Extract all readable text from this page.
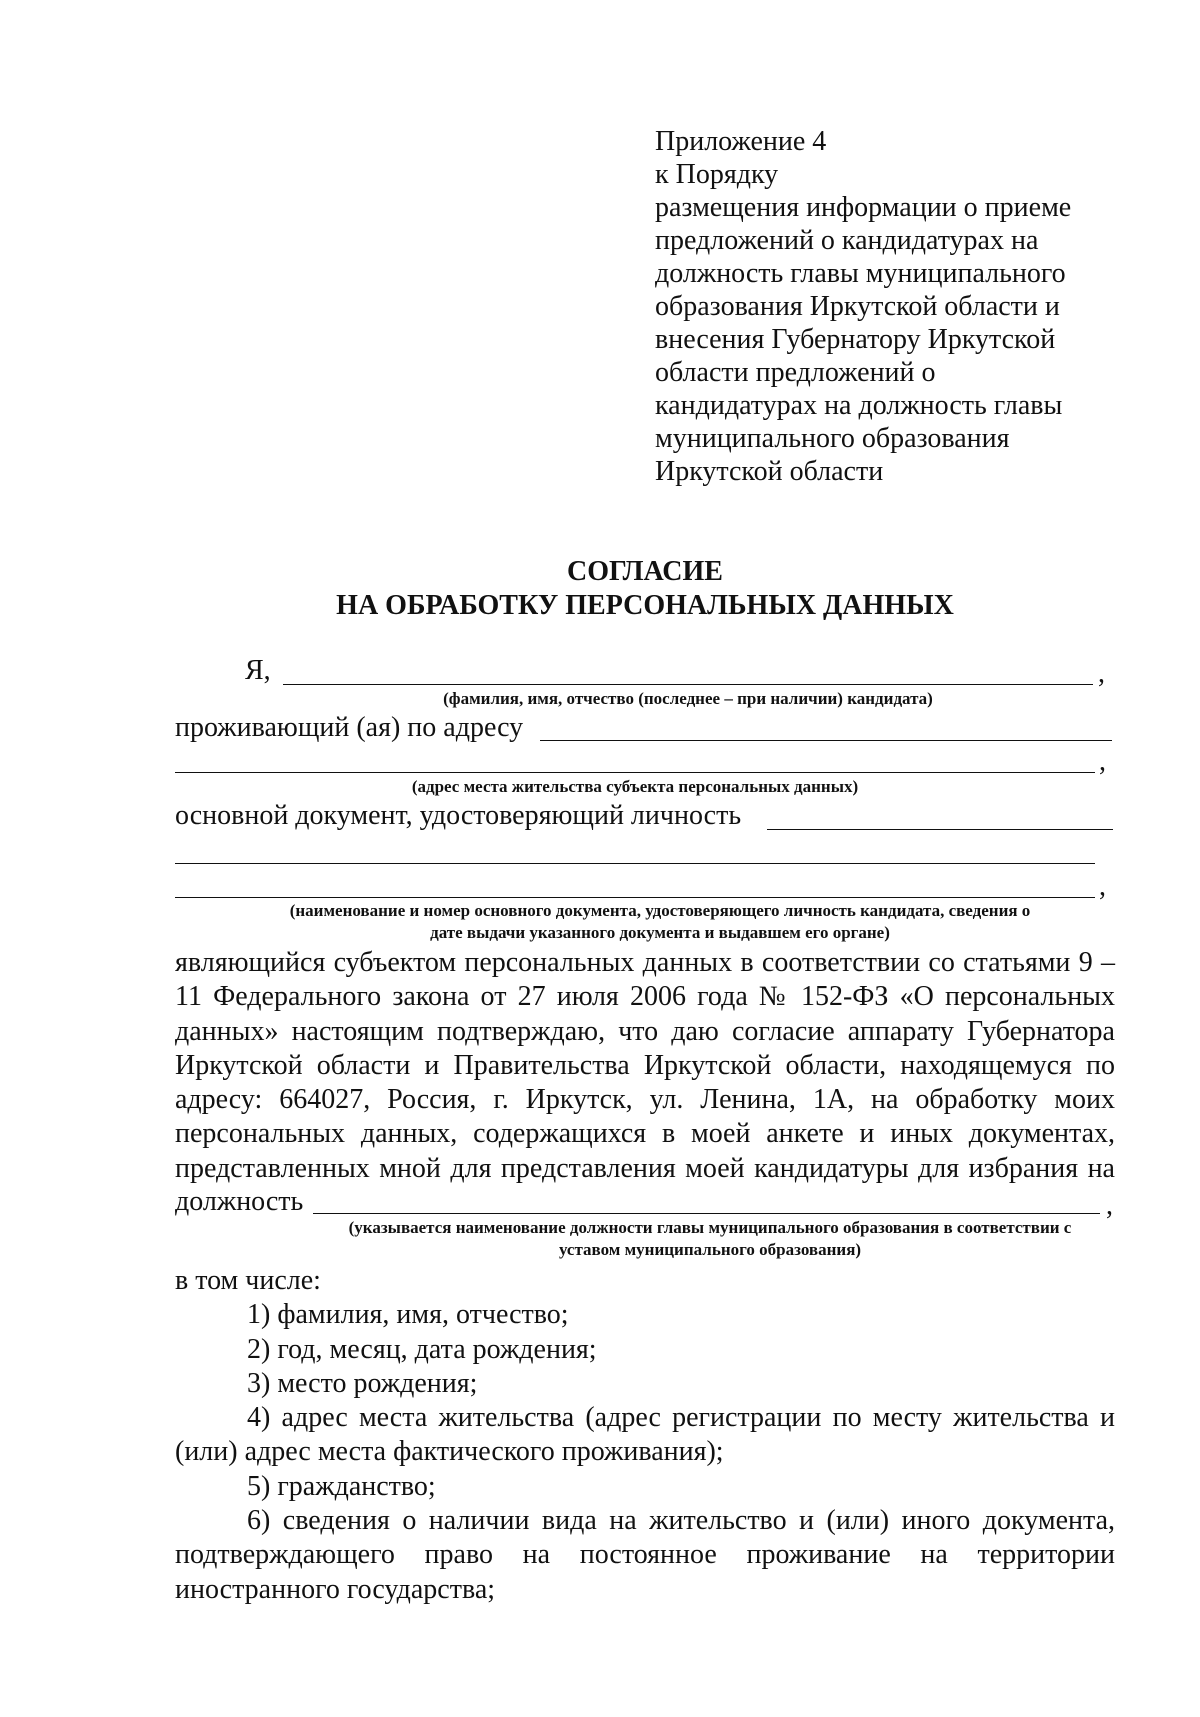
Приложение 4
к Порядку
размещения информации о приеме
предложений о кандидатурах на
должность главы муниципального
образования Иркутской области и
внесения Губернатору Иркутской
области предложений о
кандидатурах на должность главы
муниципального образования
Иркутской области
СОГЛАСИЕ
НА ОБРАБОТКУ ПЕРСОНАЛЬНЫХ ДАННЫХ
Я,	,
(фамилия, имя, отчество (последнее – при наличии) кандидата)
проживающий (ая) по адресу
,
(адрес места жительства субъекта персональных данных)
основной документ, удостоверяющий личность
,
(наименование и номер основного документа, удостоверяющего личность кандидата, сведения о
дате выдачи указанного документа и выдавшем его органе)
являющийся субъектом персональных данных в соответствии со статьями 9 –
11 Федерального закона от 27 июля 2006 года № 152-ФЗ «О персональных
данных» настоящим подтверждаю, что даю согласие аппарату Губернатора
Иркутской области и Правительства Иркутской области, находящемуся по
адресу: 664027, Россия, г. Иркутск, ул. Ленина, 1А, на обработку моих
персональных данных, содержащихся в моей анкете и иных документах,
представленных мной для представления моей кандидатуры для избрания на
должность	,
(указывается наименование должности главы муниципального образования в соответствии с
уставом муниципального образования)
в том числе:
1) фамилия, имя, отчество;
2) год, месяц, дата рождения;
3) место рождения;
4) адрес места жительства (адрес регистрации по месту жительства и
(или) адрес места фактического проживания);
5) гражданство;
6) сведения о наличии вида на жительство и (или) иного документа,
подтверждающего право на постоянное проживание на территории
иностранного государства;
